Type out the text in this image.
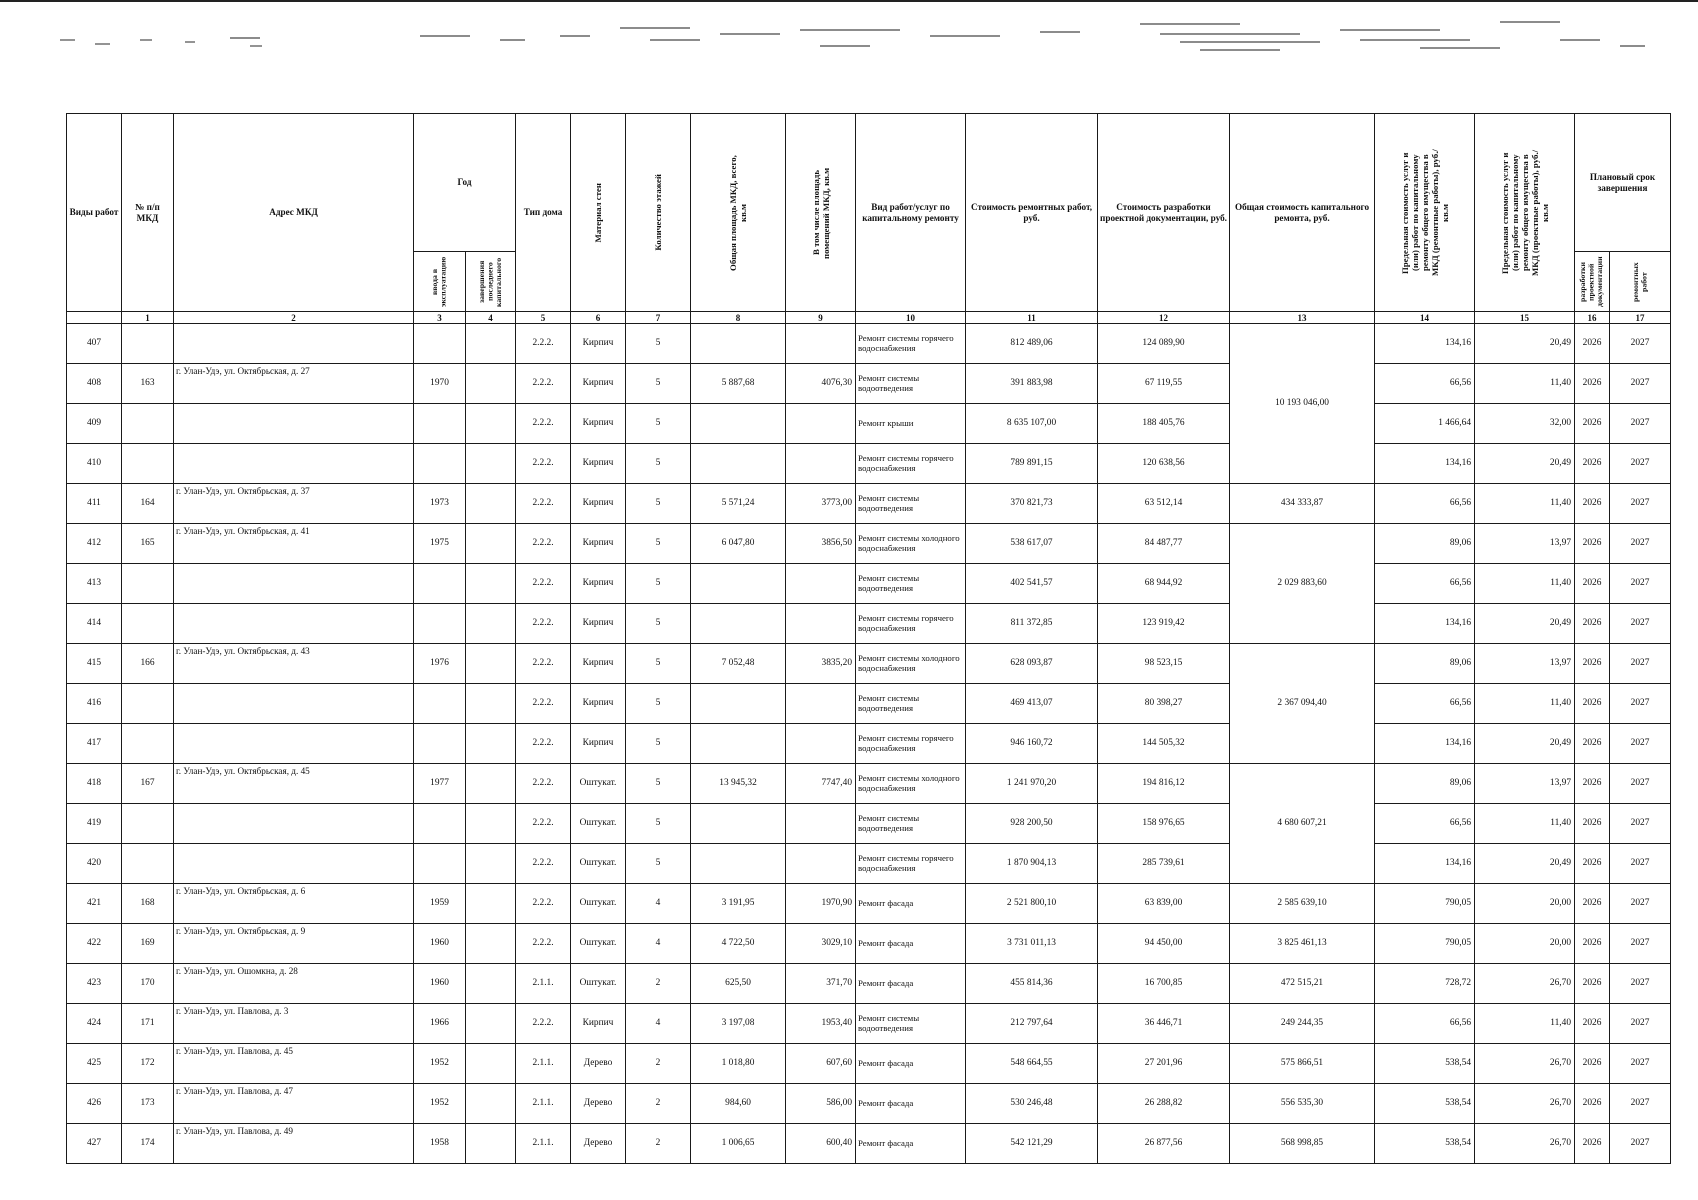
Виды работ	№ п/п МКД	Адрес МКД	Год		Тип дома	Материал стен	Количество этажей	Общая площадь МКД, всего, кв.м	В том числе площадь помещений МКД, кв.м	Вид работ/услуг по капитальному ремонту	Стоимость ремонтных работ, руб.	Стоимость разработки проектной документации, руб.	Общая стоимость капитального ремонта, руб.	Предельная стоимость услуг и (или) работ по капитальному ремонту общего имущества в МКД (ремонтные работы), руб./кв.м	Предельная стоимость услуг и (или) работ по капитальному ремонту общего имущества в МКД (проектные работы), руб./кв.м	Плановый срок завершения	

			ввода в эксплуатацию	завершения последнего капитального												разработки проектной документации	ремонтных работ

	1	2	3	4	5	6	7	8	9	10	11	12	13	14	15	16	17
407					2.2.2.	Кирпич	5			Ремонт системы горячего водоснабжения	812 489,06	124 089,90	10 193 046,00	134,16	20,49	2026	2027
408	163	г. Улан-Удэ, ул. Октябрьская, д. 27	1970		2.2.2.	Кирпич	5	5 887,68	4076,30	Ремонт системы водоотведения	391 883,98	67 119,55		66,56	11,40	2026	2027
409					2.2.2.	Кирпич	5			Ремонт крыши	8 635 107,00	188 405,76		1 466,64	32,00	2026	2027
410					2.2.2.	Кирпич	5			Ремонт системы горячего водоснабжения	789 891,15	120 638,56		134,16	20,49	2026	2027
411	164	г. Улан-Удэ, ул. Октябрьская, д. 37	1973		2.2.2.	Кирпич	5	5 571,24	3773,00	Ремонт системы водоотведения	370 821,73	63 512,14	434 333,87	66,56	11,40	2026	2027
412	165	г. Улан-Удэ, ул. Октябрьская, д. 41	1975		2.2.2.	Кирпич	5	6 047,80	3856,50	Ремонт системы холодного водоснабжения	538 617,07	84 487,77	2 029 883,60	89,06	13,97	2026	2027
413					2.2.2.	Кирпич	5			Ремонт системы водоотведения	402 541,57	68 944,92		66,56	11,40	2026	2027
414					2.2.2.	Кирпич	5			Ремонт системы горячего водоснабжения	811 372,85	123 919,42		134,16	20,49	2026	2027
415	166	г. Улан-Удэ, ул. Октябрьская, д. 43	1976		2.2.2.	Кирпич	5	7 052,48	3835,20	Ремонт системы холодного водоснабжения	628 093,87	98 523,15	2 367 094,40	89,06	13,97	2026	2027
416					2.2.2.	Кирпич	5			Ремонт системы водоотведения	469 413,07	80 398,27		66,56	11,40	2026	2027
417					2.2.2.	Кирпич	5			Ремонт системы горячего водоснабжения	946 160,72	144 505,32		134,16	20,49	2026	2027
418	167	г. Улан-Удэ, ул. Октябрьская, д. 45	1977		2.2.2.	Оштукат.	5	13 945,32	7747,40	Ремонт системы холодного водоснабжения	1 241 970,20	194 816,12	4 680 607,21	89,06	13,97	2026	2027
419					2.2.2.	Оштукат.	5			Ремонт системы водоотведения	928 200,50	158 976,65		66,56	11,40	2026	2027
420					2.2.2.	Оштукат.	5			Ремонт системы горячего водоснабжения	1 870 904,13	285 739,61		134,16	20,49	2026	2027
421	168	г. Улан-Удэ, ул. Октябрьская, д. 6	1959		2.2.2.	Оштукат.	4	3 191,95	1970,90	Ремонт фасада	2 521 800,10	63 839,00	2 585 639,10	790,05	20,00	2026	2027
422	169	г. Улан-Удэ, ул. Октябрьская, д. 9	1960		2.2.2.	Оштукат.	4	4 722,50	3029,10	Ремонт фасада	3 731 011,13	94 450,00	3 825 461,13	790,05	20,00	2026	2027
423	170	г. Улан-Удэ, ул. Ошомкна, д. 28	1960		2.1.1.	Оштукат.	2	625,50	371,70	Ремонт фасада	455 814,36	16 700,85	472 515,21	728,72	26,70	2026	2027
424	171	г. Улан-Удэ, ул. Павлова, д. 3	1966		2.2.2.	Кирпич	4	3 197,08	1953,40	Ремонт системы водоотведения	212 797,64	36 446,71	249 244,35	66,56	11,40	2026	2027
425	172	г. Улан-Удэ, ул. Павлова, д. 45	1952		2.1.1.	Дерево	2	1 018,80	607,60	Ремонт фасада	548 664,55	27 201,96	575 866,51	538,54	26,70	2026	2027
426	173	г. Улан-Удэ, ул. Павлова, д. 47	1952		2.1.1.	Дерево	2	984,60	586,00	Ремонт фасада	530 246,48	26 288,82	556 535,30	538,54	26,70	2026	2027
427	174	г. Улан-Удэ, ул. Павлова, д. 49	1958		2.1.1.	Дерево	2	1 006,65	600,40	Ремонт фасада	542 121,29	26 877,56	568 998,85	538,54	26,70	2026	2027
